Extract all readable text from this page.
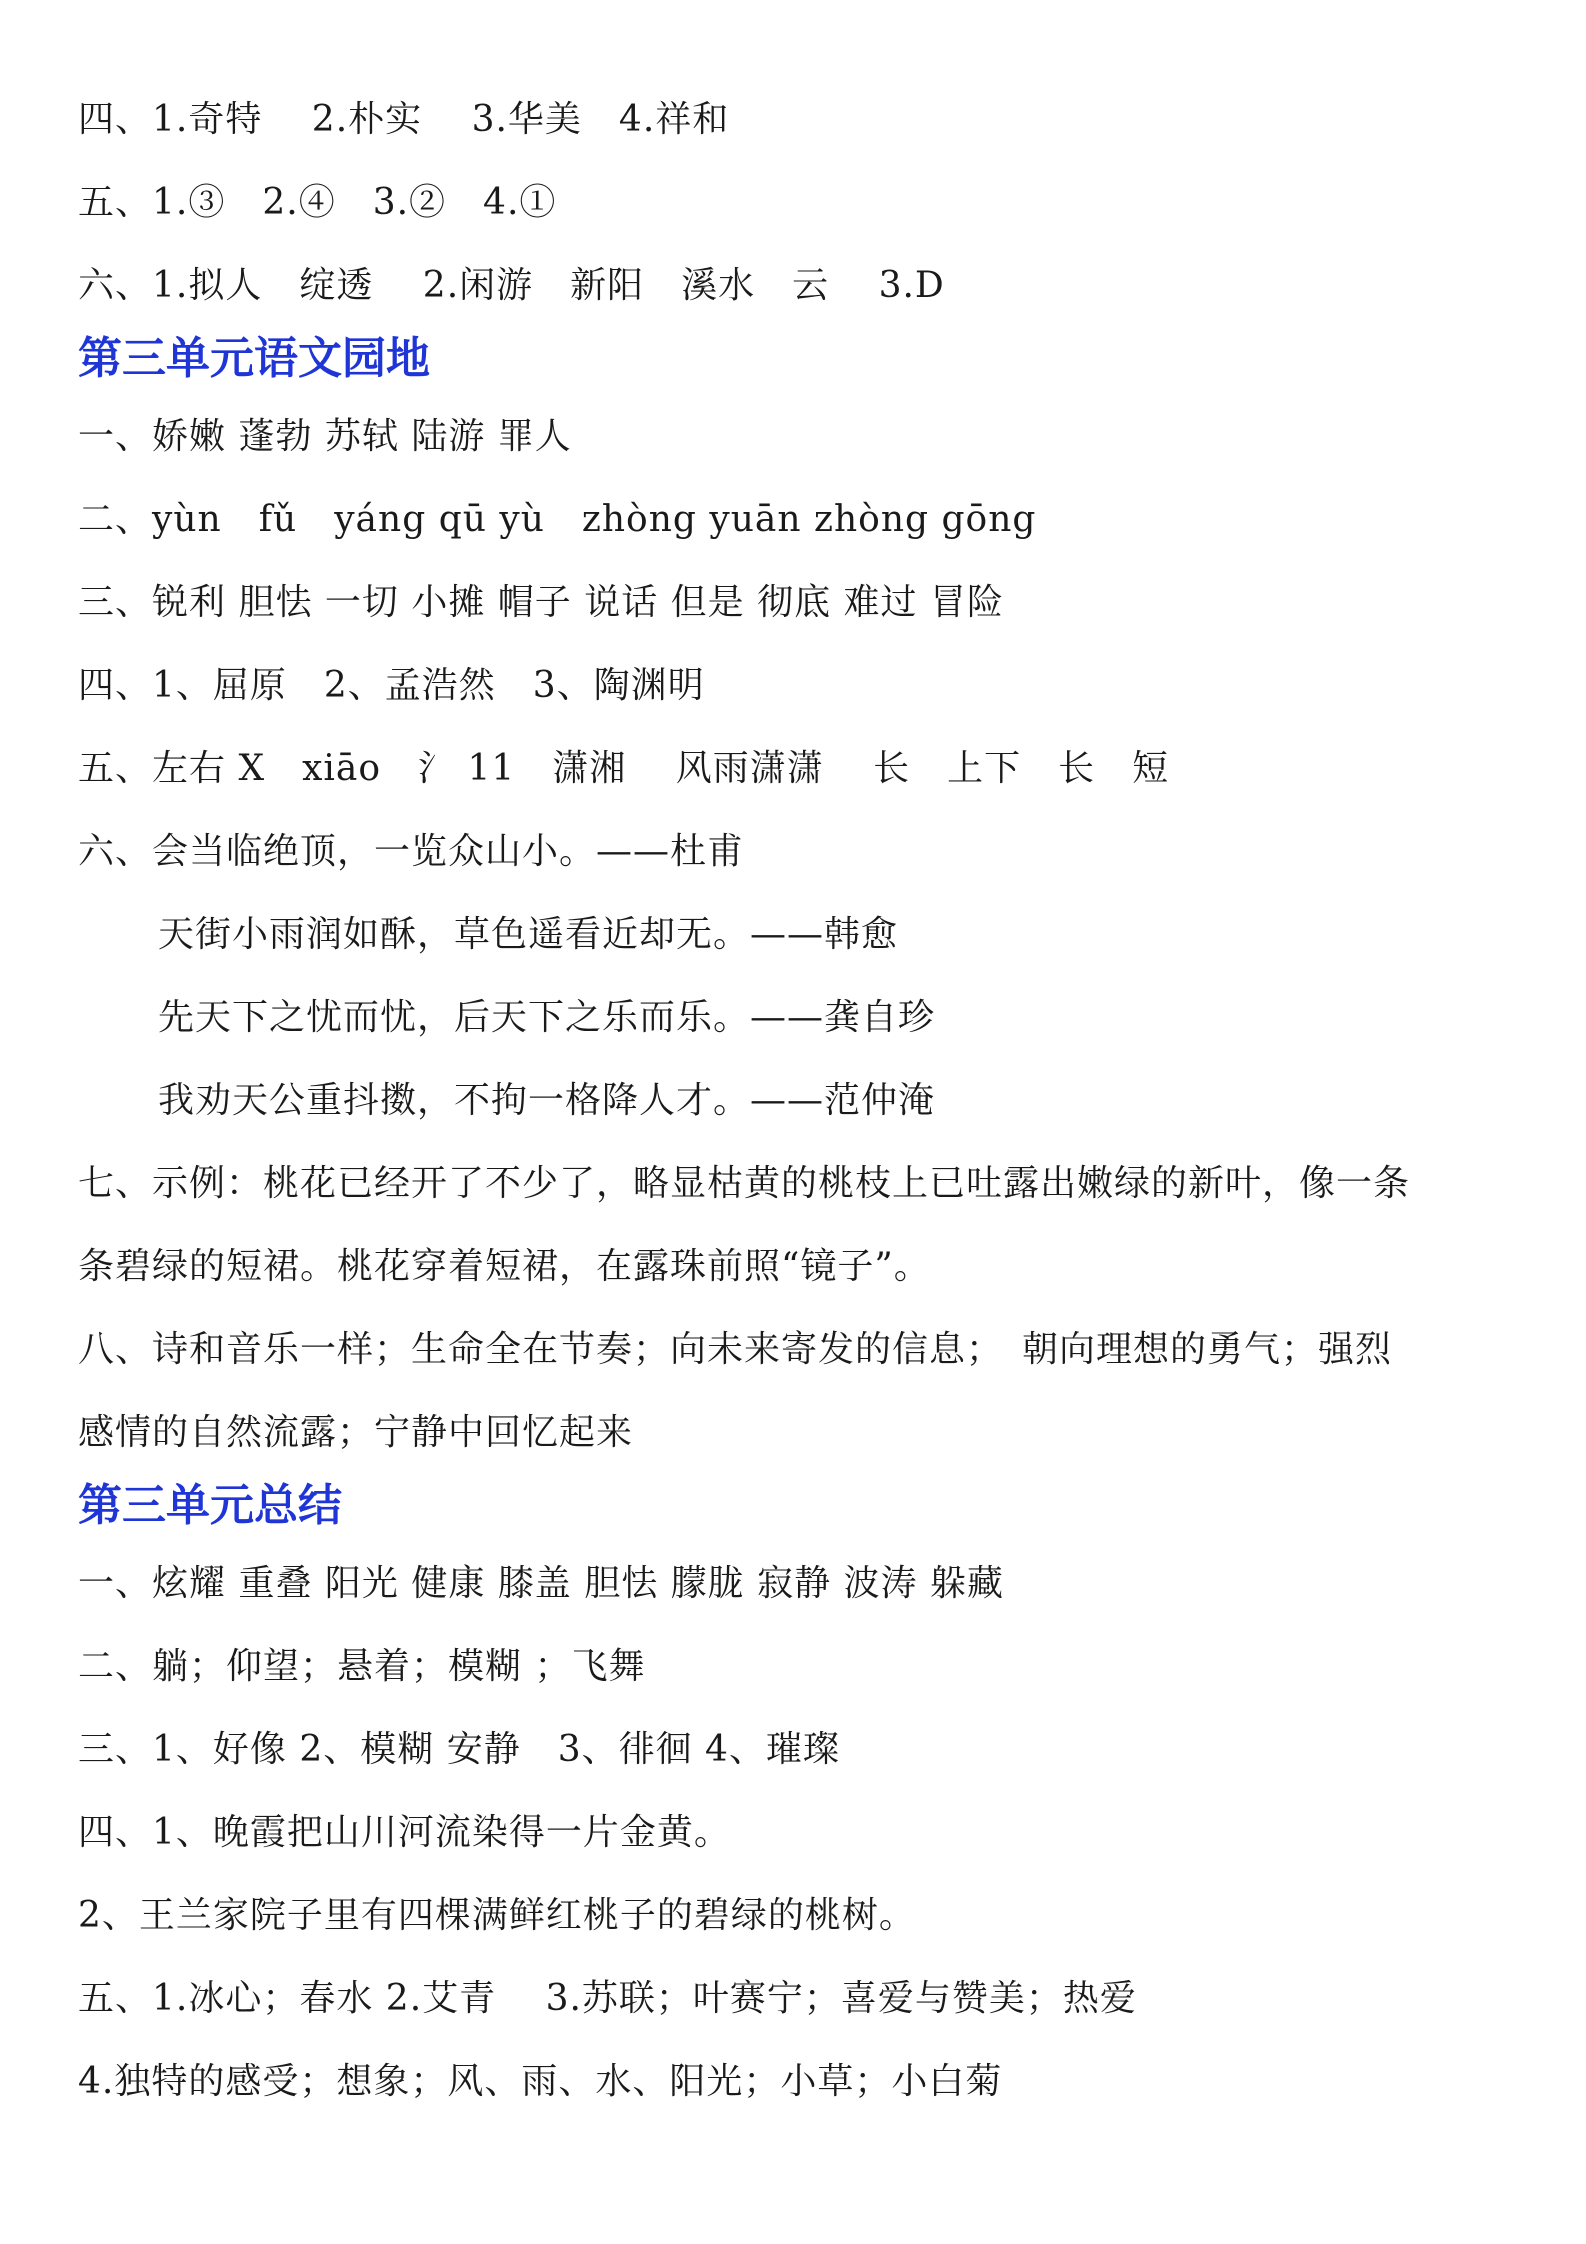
四、1.奇特　 2.朴实　 3.华美　4.祥和
五、1.③　2.④　3.②　4.①
六、1.拟人　绽透　 2.闲游　新阳　溪水　云　 3.D
第三单元语文园地
一、娇嫩 蓬勃 苏轼 陆游 罪人
二、yùn　fǔ　yáng qū yù　zhòng yuān zhòng gōng
三、锐利 胆怯 一切 小摊 帽子 说话 但是 彻底 难过 冒险
四、1、屈原　2、孟浩然　3、陶渊明
五、左右 X　xiāo　氵 11　潇湘　 风雨潇潇　 长　上下　长　短
六、会当临绝顶，一览众山小。——杜甫
天街小雨润如酥，草色遥看近却无。——韩愈
先天下之忧而忧，后天下之乐而乐。——龚自珍
我劝天公重抖擞，不拘一格降人才。——范仲淹
七、示例：桃花已经开了不少了，略显枯黄的桃枝上已吐露出嫩绿的新叶，像一条
条碧绿的短裙。桃花穿着短裙，在露珠前照“镜子”。
八、诗和音乐一样；生命全在节奏；向未来寄发的信息；　朝向理想的勇气；强烈
感情的自然流露；宁静中回忆起来
第三单元总结
一、炫耀 重叠 阳光 健康 膝盖 胆怯 朦胧 寂静 波涛 躲藏
二、躺；仰望；悬着；模糊 ；飞舞
三、1、好像 2、模糊 安静　3、徘徊 4、璀璨
四、1、晚霞把山川河流染得一片金黄。
2、王兰家院子里有四棵满鲜红桃子的碧绿的桃树。
五、1.冰心；春水 2.艾青　 3.苏联；叶赛宁；喜爱与赞美；热爱
4.独特的感受；想象；风、雨、水、阳光；小草；小白菊
